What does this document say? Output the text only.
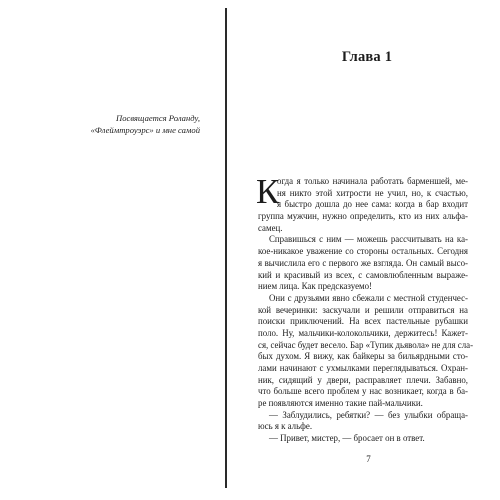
Посвящается Роланду,
«Флеймтроуэрс» и мне самой
Глава 1
К
огда я только начинала работать барменшей, ме-
ня никто этой хитрости не учил, но, к счастью,
я быстро дошла до нее сама: когда в бар входит
группа мужчин, нужно определить, кто из них альфа-
самец.
Справишься с ним — можешь рассчитывать на ка-
кое-никакое уважение со стороны остальных. Сегодня
я вычислила его с первого же взгляда. Он самый высо-
кий и красивый из всех, с самовлюбленным выраже-
нием лица. Как предсказуемо!
Они с друзьями явно сбежали с местной студенчес-
кой вечеринки: заскучали и решили отправиться на
поиски приключений. На всех пастельные рубашки
поло. Ну, мальчики-колокольчики, держитесь! Кажет-
ся, сейчас будет весело. Бар «Тупик дьявола» не для сла-
бых духом. Я вижу, как байкеры за бильярдными сто-
лами начинают с ухмылками переглядываться. Охран-
ник, сидящий у двери, расправляет плечи. Забавно,
что больше всего проблем у нас возникает, когда в ба-
ре появляются именно такие пай-мальчики.
— Заблудились, ребятки? — без улыбки обраща-
юсь я к альфе.
— Привет, мистер, — бросает он в ответ.
7
